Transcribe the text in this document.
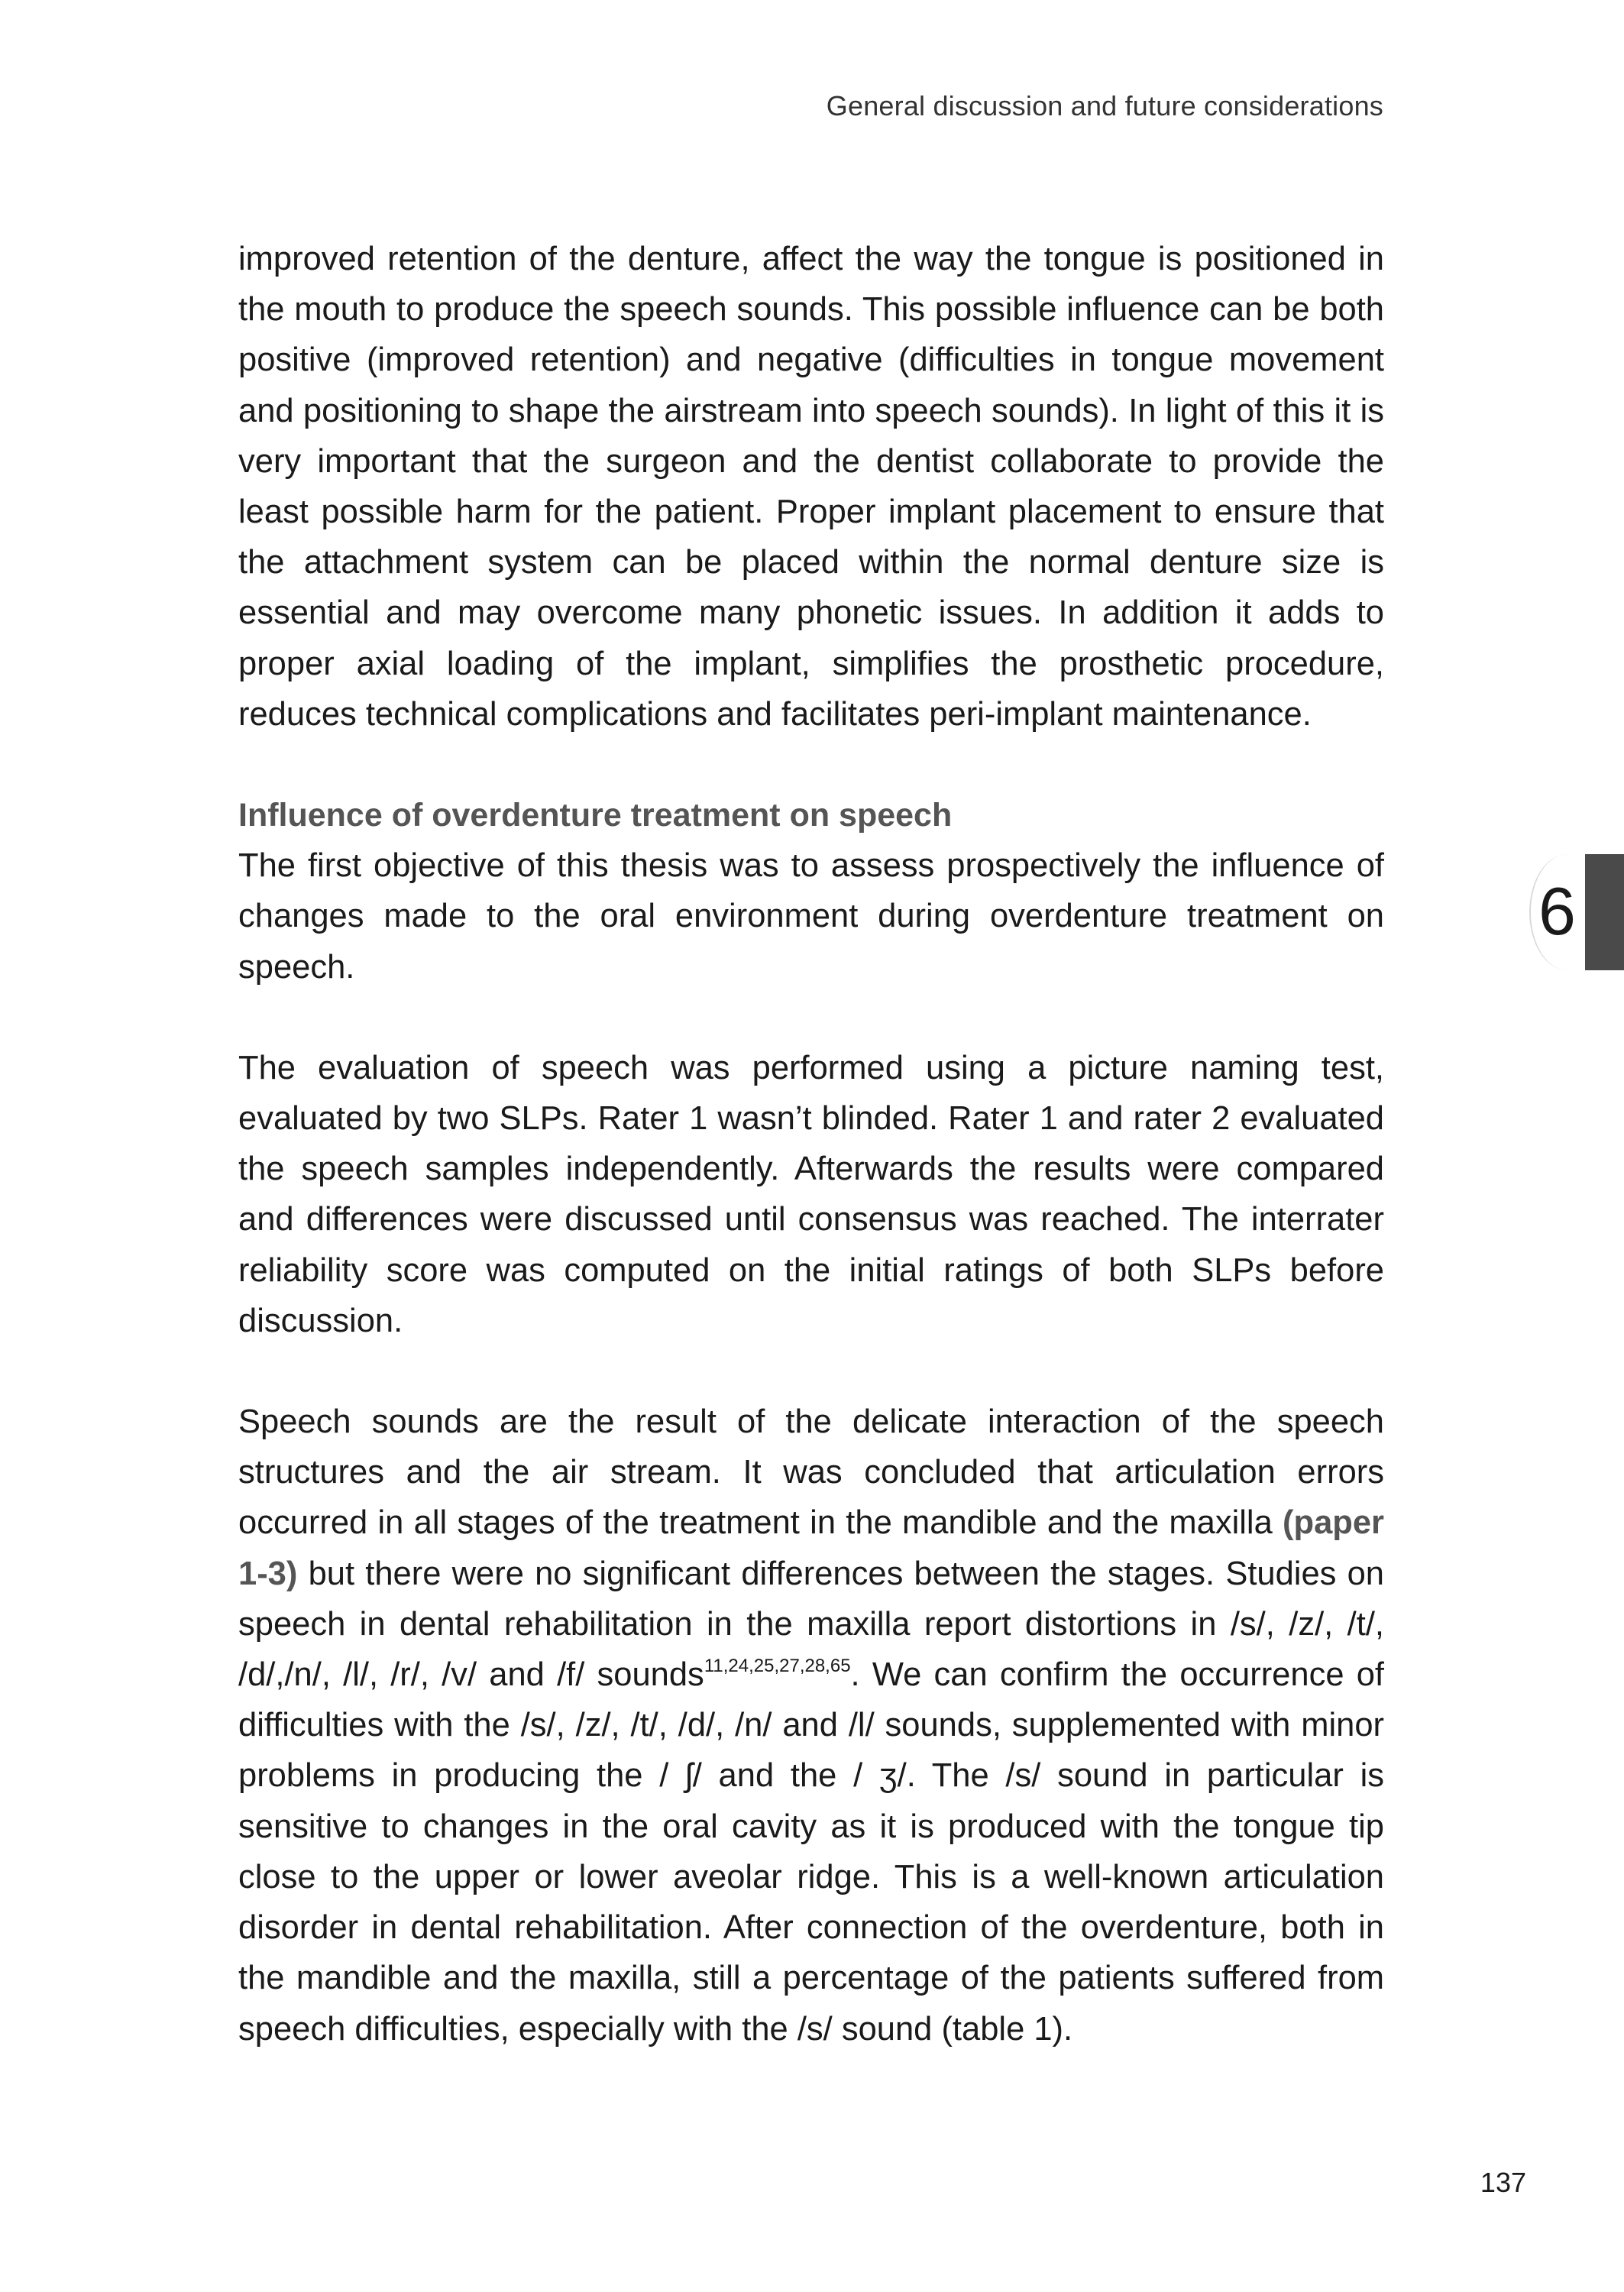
General discussion and future considerations
6

improved retention of the denture, affect the way the tongue is positioned in the mouth to produce the speech sounds. This possible influence can be both positive (improved retention) and negative (difficulties in tongue movement and positioning to shape the airstream into speech sounds). In light of this it is very important that the surgeon and the dentist collaborate to provide the least possible harm for the patient. Proper implant placement to ensure that the attachment system can be placed within the normal denture size is essential and may overcome many phonetic issues. In addition it adds to proper axial loading of the implant, simplifies the prosthetic procedure, reduces technical complications and facilitates peri-implant maintenance.

Influence of overdenture treatment on speech

The first objective of this thesis was to assess prospectively the influence of changes made to the oral environment during overdenture treatment on speech.

The evaluation of speech was performed using a picture naming test, evaluated by two SLPs. Rater 1 wasn’t blinded. Rater 1 and rater 2 evaluated the speech samples independently. Afterwards the results were compared and differences were discussed until consensus was reached. The interrater reliability score was computed on the initial ratings of both SLPs before discussion.

Speech sounds are the result of the delicate interaction of the speech structures and the air stream. It was concluded that articulation errors occurred in all stages of the treatment in the mandible and the maxilla (paper 1-3) but there were no significant differences between the stages. Studies on speech in dental rehabilitation in the maxilla report distortions in /s/, /z/, /t/, /d/,/n/, /l/, /r/, /v/ and /f/ sounds$^{11,24,25,27,28,65}$. We can confirm the occurrence of difficulties with the /s/, /z/, /t/, /d/, /n/ and /l/ sounds, supplemented with minor problems in producing the / ʃ/ and the / ʒ/. The /s/ sound in particular is sensitive to changes in the oral cavity as it is produced with the tongue tip close to the upper or lower aveolar ridge. This is a well-known articulation disorder in dental rehabilitation. After connection of the overdenture, both in the mandible and the maxilla, still a percentage of the patients suffered from speech difficulties, especially with the /s/ sound (table 1).

137
